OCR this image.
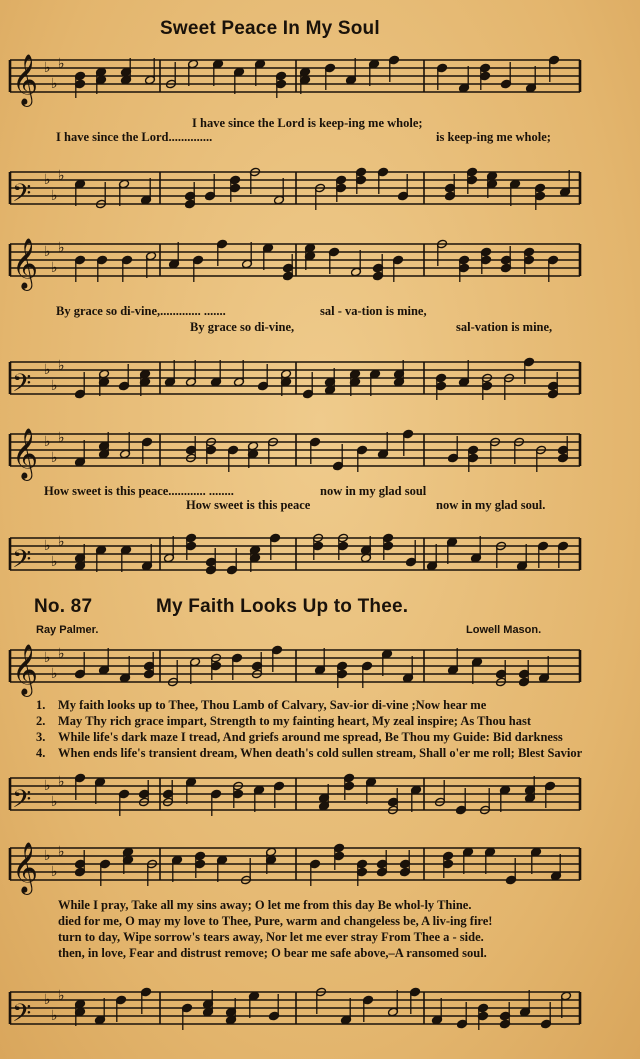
Sweet Peace In My Soul
𝄞 ♭
♭
♭
I have since the Lord is keep-ing me whole;
I have since the Lord..............	is keep-ing me whole;
𝄢 ♭
♭
♭
𝄞 ♭
♭
♭
By grace so di-vine,............. .......	sal - va-tion is mine,
By grace so di-vine,	sal-vation is mine,
𝄢 ♭
♭
♭
𝄞 ♭
♭
♭
How sweet is this peace............ ........	now in my glad soul
How sweet is this peace	now in my glad soul.
𝄢 ♭
♭
♭
No. 87	My Faith Looks Up to Thee.
Ray Palmer.	Lowell Mason.
𝄞 ♭
♭
♭
1. My faith looks up to Thee, Thou Lamb of Calvary, Sav-ior di-vine ;Now hear me
2. May Thy rich grace impart, Strength to my fainting heart, My zeal inspire; As Thou hast
3. While life's dark maze I tread, And griefs around me spread, Be Thou my Guide: Bid darkness
4. When ends life's transient dream, When death's cold sullen stream, Shall o'er me roll; Blest Savior
𝄢 ♭
♭
♭
𝄞 ♭
♭
♭
While I pray, Take all my sins away; O let me from this day Be whol-ly Thine.
died for me, O may my love to Thee, Pure, warm and changeless be, A liv-ing fire!
turn to day, Wipe sorrow's tears away, Nor let me ever stray From Thee a - side.
then, in love, Fear and distrust remove; O bear me safe above,–A ransomed soul.
𝄢 ♭
♭
♭
